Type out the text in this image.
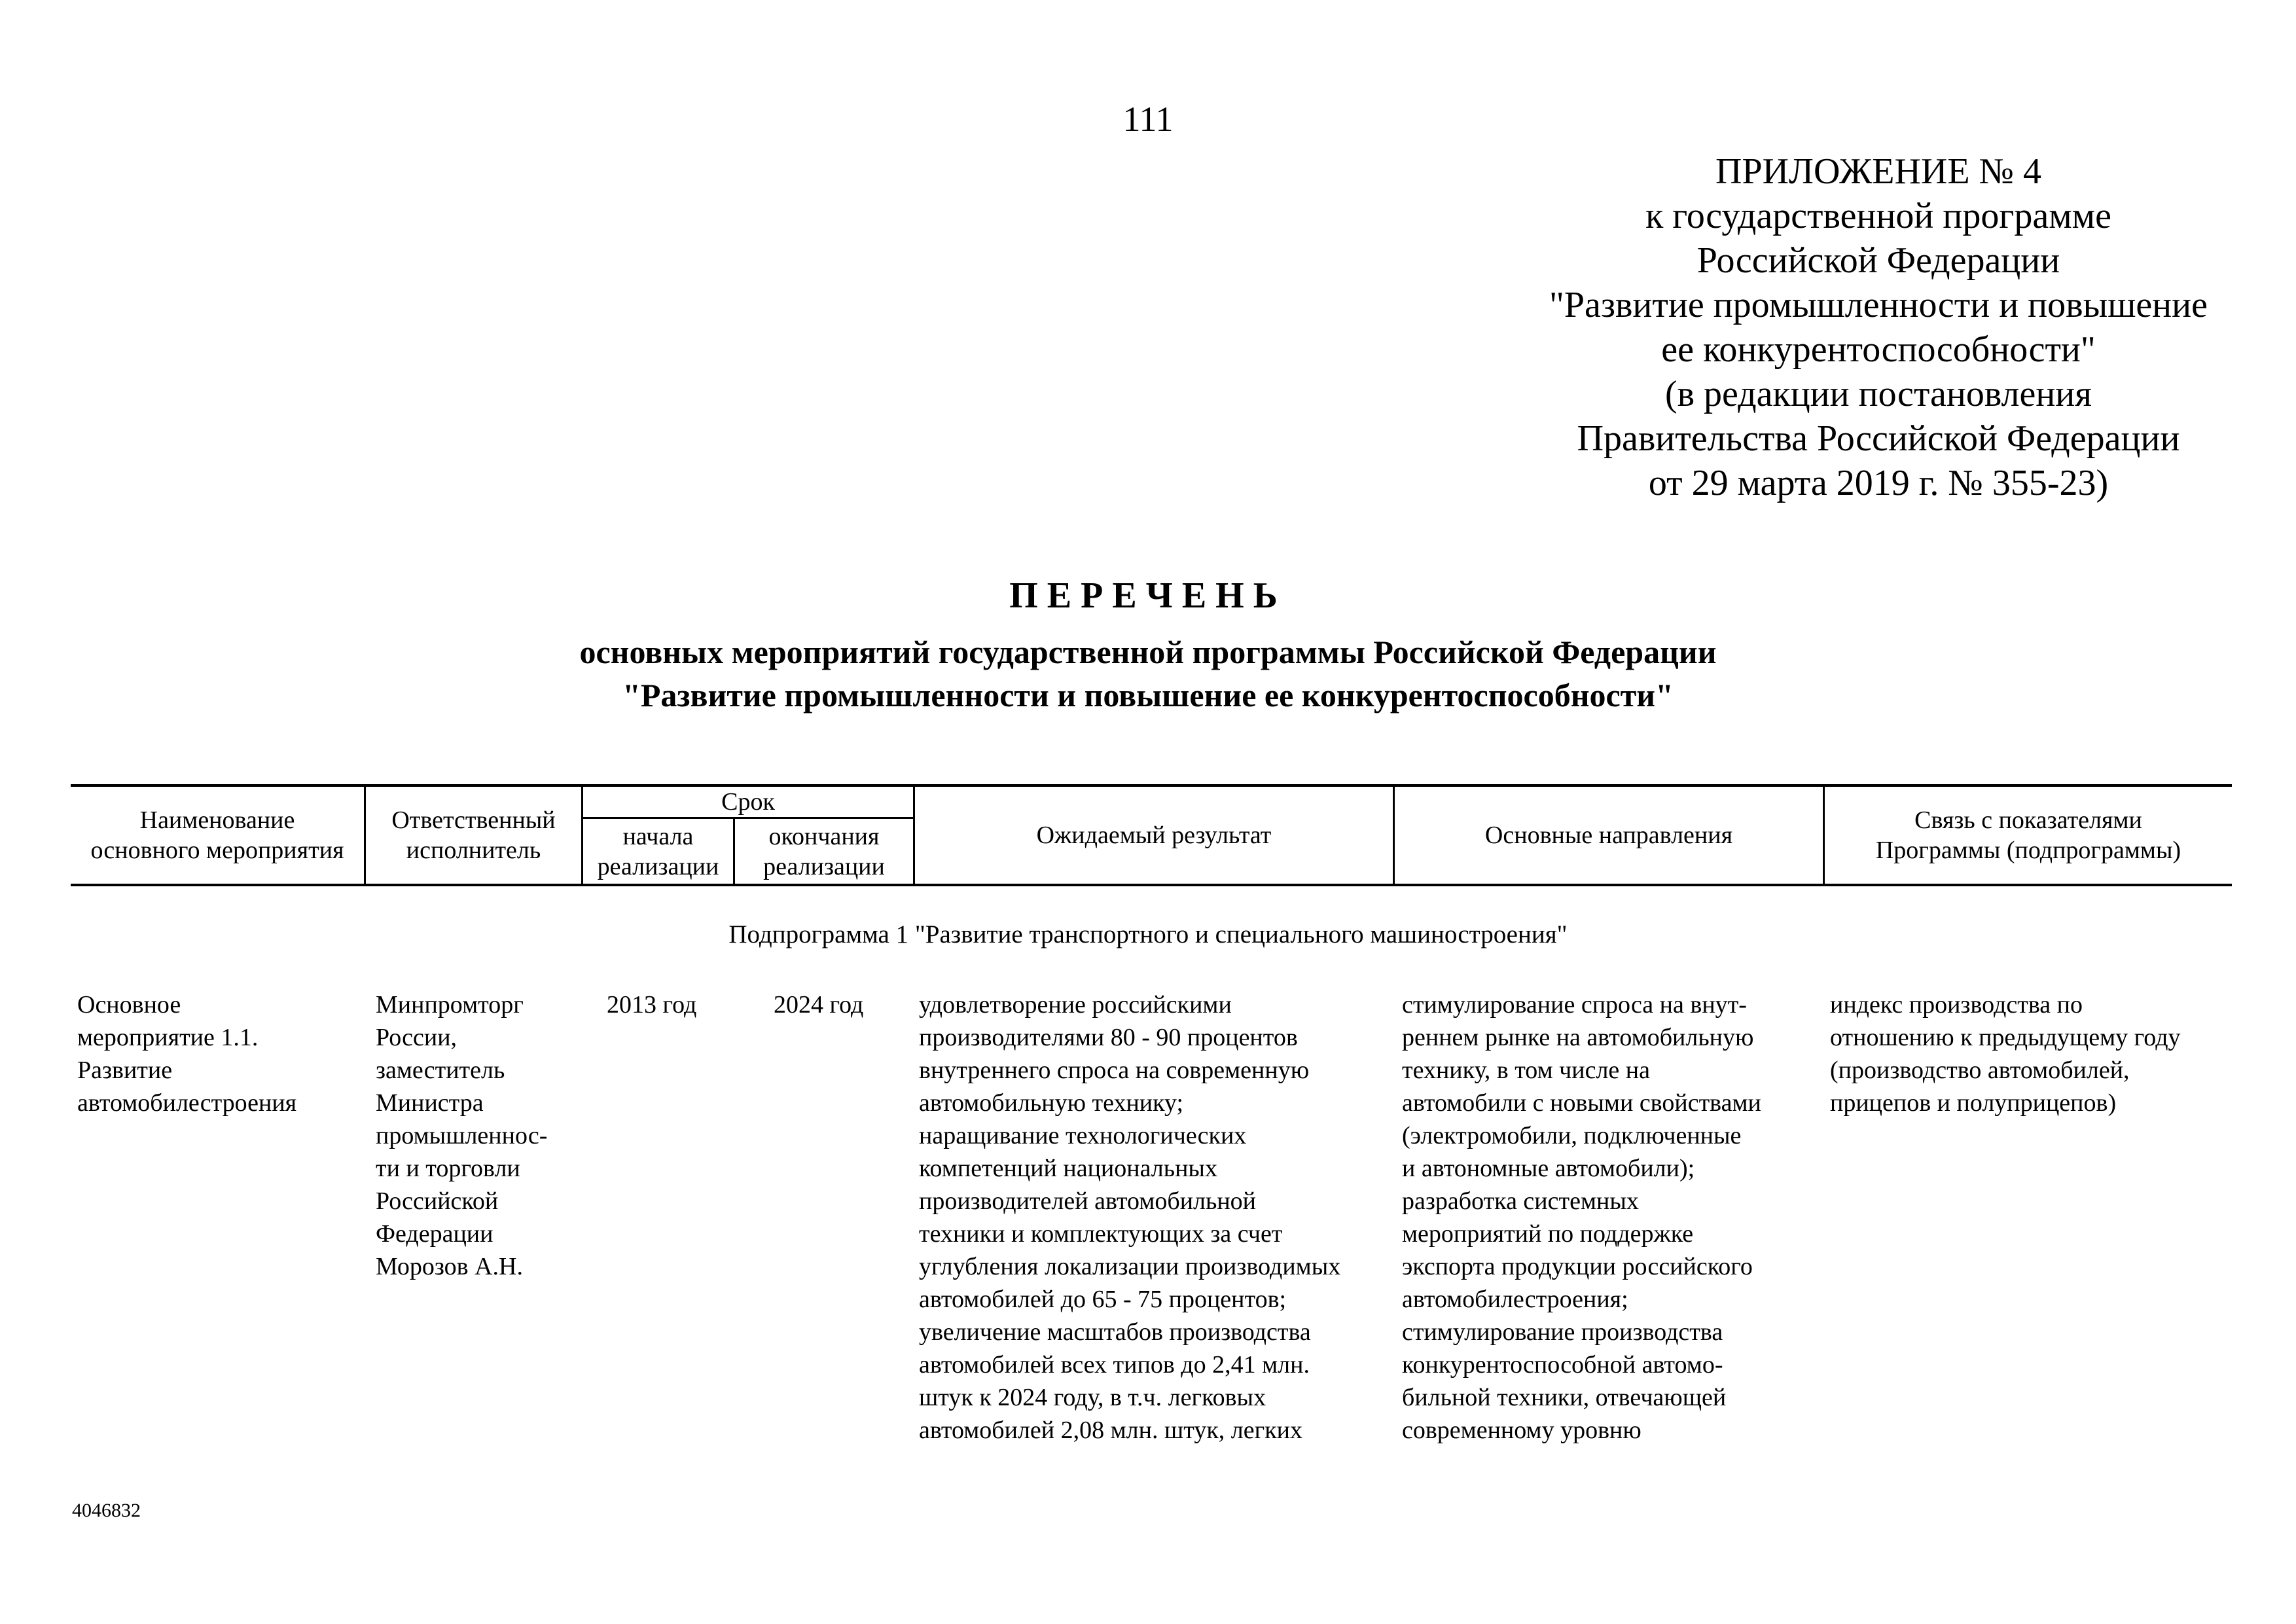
111
ПРИЛОЖЕНИЕ № 4
к государственной программе
Российской Федерации
"Развитие промышленности и повышение
ее конкурентоспособности"
(в редакции постановления
Правительства Российской Федерации
от 29 марта 2019 г. № 355-23)
ПЕРЕЧЕНЬ
основных мероприятий государственной программы Российской Федерации
"Развитие промышленности и повышение ее конкурентоспособности"
Наименование
основного мероприятия
Ответственный
исполнитель
Срок
начала
реализации
окончания
реализации
Ожидаемый результат	Основные направления
Связь с показателями
Программы (подпрограммы)
Подпрограмма 1 "Развитие транспортного и специального машиностроения"
Основное
мероприятие 1.1.
Развитие
автомобилестроения
Минпромторг
России,
заместитель
Министра
промышленнос-
ти и торговли
Российской
Федерации
Морозов А.Н.
2013 год	2024 год удовлетворение российскими
производителями 80 - 90 процентов
внутреннего спроса на современную
автомобильную технику;
наращивание технологических
компетенций национальных
производителей автомобильной
техники и комплектующих за счет
углубления локализации производимых
автомобилей до 65 - 75 процентов;
увеличение масштабов производства
автомобилей всех типов до 2,41 млн.
штук к 2024 году, в т.ч. легковых
автомобилей 2,08 млн. штук, легких
стимулирование спроса на внут-
реннем рынке на автомобильную
технику, в том числе на
автомобили с новыми свойствами
(электромобили, подключенные
и автономные автомобили);
разработка системных
мероприятий по поддержке
экспорта продукции российского
автомобилестроения;
стимулирование производства
конкурентоспособной автомо-
бильной техники, отвечающей
современному уровню
индекс производства по
отношению к предыдущему году
(производство автомобилей,
прицепов и полуприцепов)
4046832
